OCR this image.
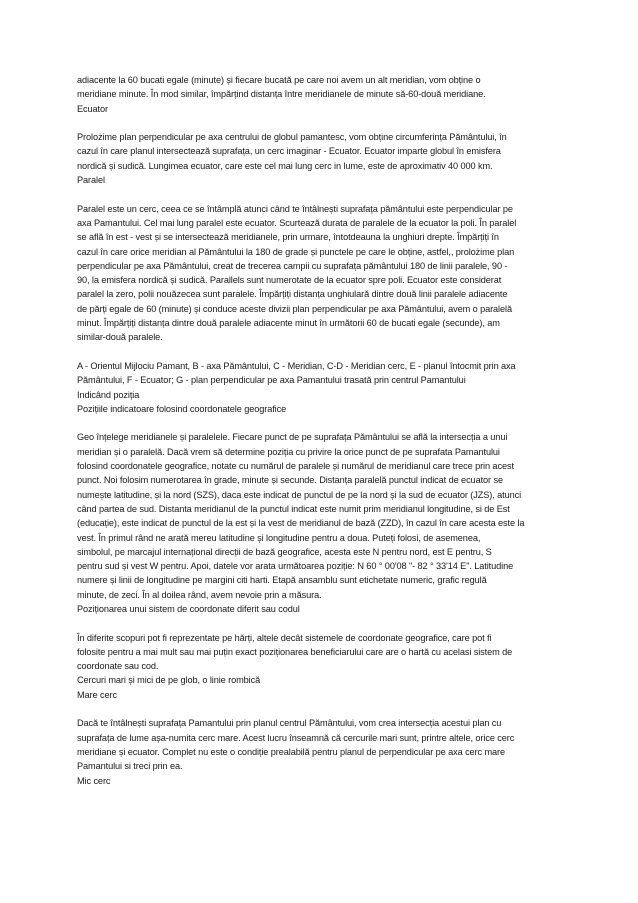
adiacente la 60 bucati egale (minute) și fiecare bucată pe care noi avem un alt meridian, vom obține o
meridiane minute. În mod similar, împărțind distanța între meridianele de minute să-60-două meridiane.

Ecuator

Prolożime plan perpendicular pe axa centrului de globul pamantesc, vom obține circumferința Pământului, în
cazul în care planul intersectează suprafața, un cerc imaginar - Ecuator. Ecuator imparte globul în emisfera
nordică și sudică. Lungimea ecuator, care este cel mai lung cerc in lume, este de aproximativ 40 000 km.

Paralel

Paralel este un cerc, ceea ce se întâmplă atunci când te întâlnești suprafața pământului este perpendicular pe
axa Pamantului. Cel mai lung paralel este ecuator. Scurtează durata de paralele de la ecuator la poli. În paralel
se află în est - vest și se intersectează meridianele, prin urmare, întotdeauna la unghiuri drepte. Împărțiți în
cazul în care orice meridian al Pământului la 180 de grade și punctele pe care le obține, astfel,, prolożime plan
perpendicular pe axa Pământului, creat de trecerea campii cu suprafața pământului 180 de linii paralele, 90 -
90, la emisfera nordică și sudică. Parallels sunt numerotate de la ecuator spre poli. Ecuator este considerat
paralel la zero, polii nouăzecea sunt paralele. Împărțiți distanța unghiulară dintre două linii paralele adiacente
de părți egale de 60 (minute) și conduce aceste divizii plan perpendicular pe axa Pământului, avem o paralelă
minut. Împărțiți distanța dintre două paralele adiacente minut în următorii 60 de bucati egale (secunde), am
similar-două paralele.

A - Orientul Mijlociu Pamant, B - axa Pământului, C - Meridian, C-D - Meridian cerc, E - planul întocmit prin axa
Pământului, F - Ecuator; G - plan perpendicular pe axa Pamantului trasată prin centrul Pamantului

Indicând poziția

Pozițiile indicatoare folosind coordonatele geografice

Geo înțelege meridianele și paralelele. Fiecare punct de pe suprafața Pământului se află la intersecția a unui
meridian și o paralelă. Dacă vrem să determine poziția cu privire la orice punct de pe suprafata Pamantului
folosind coordonatele geografice, notate cu numărul de paralele și numărul de meridianul care trece prin acest
punct. Noi folosim numerotarea în grade, minute și secunde. Distanța paralelă punctul indicat de ecuator se
numește latitudine, și la nord (SZS), daca este indicat de punctul de pe la nord și la sud de ecuator (JZS), atunci
când partea de sud. Distanta meridianul de la punctul indicat este numit prim meridianul longitudine, si de Est
(educație), este indicat de punctul de la est și la vest de meridianul de bază (ZZD), în cazul în care acesta este la
vest. În primul rând ne arată mereu latitudine și longitudine pentru a doua. Puteți folosi, de asemenea,
simbolul, pe marcajul internațional direcții de bază geografice, acesta este N pentru nord, est E pentru, S
pentru sud și vest W pentru. Apoi, datele vor arata următoarea poziție: N 60 ° 00'08 "- 82 ° 33'14 E". Latitudine
numere și linii de longitudine pe margini citi harti. Etapă ansamblu sunt etichetate numeric, grafic regulă
minute, de zeci. În al doilea rând, avem nevoie prin a măsura.

Poziționarea unui sistem de coordonate diferit sau codul

În diferite scopuri pot fi reprezentate pe hărți, altele decât sistemele de coordonate geografice, care pot fi
folosite pentru a mai mult sau mai puțin exact poziționarea beneficiarului care are o hartă cu acelasi sistem de
coordonate sau cod.

Cercuri mari și mici de pe glob, o linie rombică

Mare cerc

Dacă te întâlnești suprafața Pamantului prin planul centrul Pământului, vom crea intersecția acestui plan cu
suprafața de lume așa-numita cerc mare. Acest lucru înseamnă că cercurile mari sunt, printre altele, orice cerc
meridiane și ecuator. Complet nu este o condiție prealabilă pentru planul de perpendicular pe axa cerc mare
Pamantului si treci prin ea.

Mic cerc
